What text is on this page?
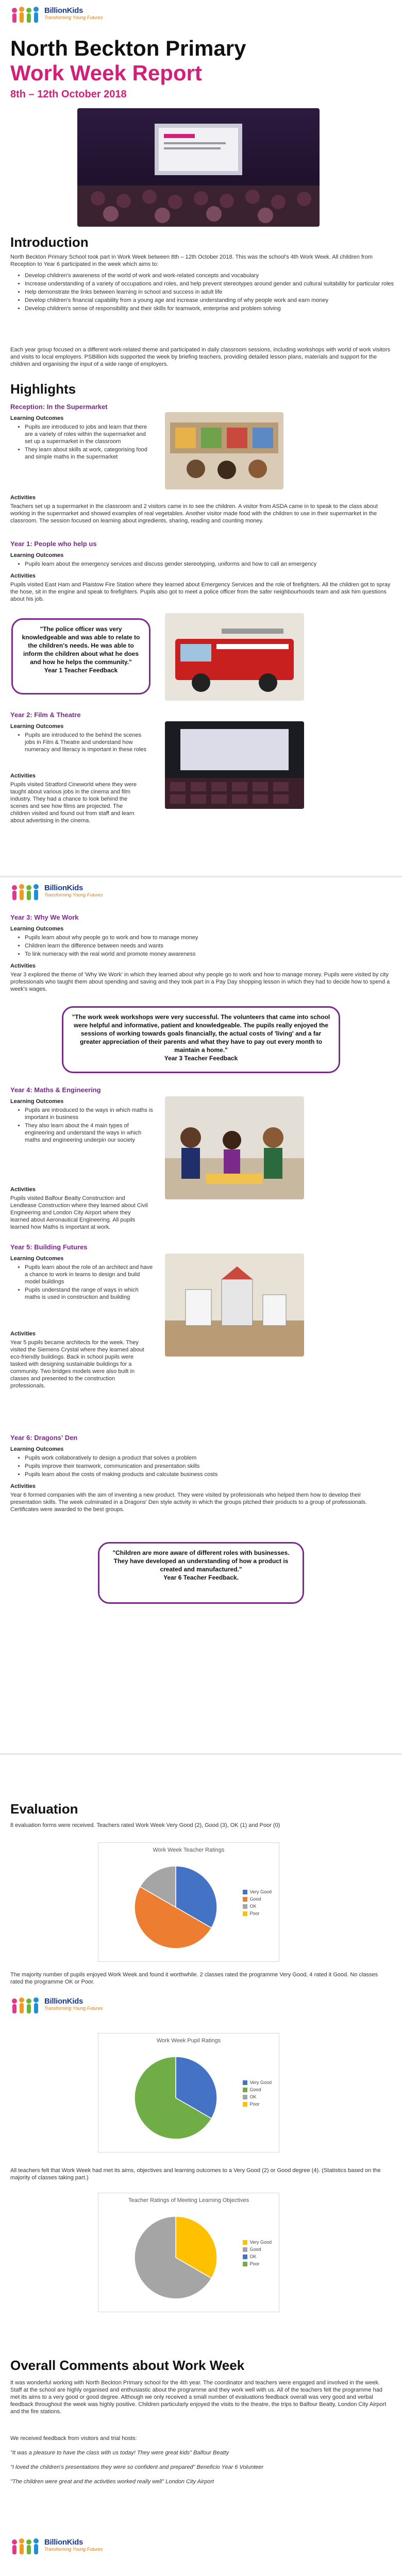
BillionKids
Transforming Young Futures
North Beckton Primary
Work Week Report
8th – 12th October 2018
Introduction
North Beckton Primary School took part in Work Week between 8th – 12th October 2018. This was the school's 4th Work Week. All children from Reception to Year 6 participated in the week which aims to:
• Develop children's awareness of the world of work and work-related concepts and vocabulary
• Increase understanding of a variety of occupations and roles, and help prevent stereotypes around gender and cultural suitability for particular roles
• Help demonstrate the links between learning in school and success in adult life
• Develop children's financial capability from a young age and increase understanding of why people work and earn money
• Develop children's sense of responsibility and their skills for teamwork, enterprise and problem solving
Each year group focused on a different work-related theme and participated in daily classroom sessions, including workshops with world of work visitors and visits to local employers. PSBillion kids supported the week by briefing teachers, providing detailed lesson plans, materials and support for the children and organising the input of a wide range of employers.
Highlights
Reception: In the Supermarket
Learning Outcomes
• Pupils are introduced to jobs and learn that there are a variety of roles within the supermarket and set up a supermarket in the classroom
• They learn about skills at work, categorising food and simple maths in the supermarket
Activities
Teachers set up a supermarket in the classroom and 2 visitors came in to see the children. A visitor from ASDA came in to speak to the class about working in the supermarket and showed examples of real vegetables. Another visitor made food with the children to use in their supermarket in the classroom. The session focused on learning about ingredients, sharing, reading and counting money.
Year 1: People who help us
Learning Outcomes
• Pupils learn about the emergency services and discuss gender stereotyping, uniforms and how to call an emergency
Activities
Pupils visited East Ham and Plaistow Fire Station where they learned about Emergency Services and the role of firefighters. All the children got to spray the hose, sit in the engine and speak to firefighters. Pupils also got to meet a police officer from the safer neighbourhoods team and ask him questions about his job.
"The police officer was very knowledgeable and was able to relate to the children's needs. He was able to inform the children about what he does and how he helps the community."
Year 1 Teacher Feedback
Year 2: Film & Theatre
Learning Outcomes
• Pupils are introduced to the behind the scenes jobs in Film & Theatre and understand how numeracy and literacy is important in these roles
Activities
Pupils visited Stratford Cineworld where they were taught about various jobs in the cinema and film industry. They had a chance to look behind the scenes and see how films are projected. The children visited and found out from staff and learn about advertising in the cinema.
BillionKids
Transforming Young Futures
Year 3: Why We Work
Learning Outcomes
• Pupils learn about why people go to work and how to manage money
• Children learn the difference between needs and wants
• To link numeracy with the real world and promote money awareness
Activities
Year 3 explored the theme of 'Why We Work' in which they learned about why people go to work and how to manage money. Pupils were visited by city professionals who taught them about spending and saving and they took part in a Pay Day shopping lesson in which they had to decide how to spend a week's wages.
"The work week workshops were very successful. The volunteers that came into school were helpful and informative, patient and knowledgeable. The pupils really enjoyed the sessions of working towards goals financially, the actual costs of 'living' and a far greater appreciation of their parents and what they have to pay out every month to maintain a home."
Year 3 Teacher Feedback
Year 4: Maths & Engineering
Learning Outcomes
• Pupils are introduced to the ways in which maths is important in business
• They also learn about the 4 main types of engineering and understand the ways in which maths and engineering underpin our society
Activities
Pupils visited Balfour Beatty Construction and Lendlease Construction where they learned about Civil Engineering and London City Airport where they learned about Aeronautical Engineering. All pupils learned how Maths is important at work.
Year 5: Building Futures
Learning Outcomes
• Pupils learn about the role of an architect and have a chance to work in teams to design and build model buildings
• Pupils understand the range of ways in which maths is used in construction and building
Activities
Year 5 pupils became architects for the week. They visited the Siemens Crystal where they learned about eco-friendly buildings. Back in school pupils were tasked with designing sustainable buildings for a community. Two bridges models were also built in classes and presented to the construction professionals.
Year 6: Dragons' Den
Learning Outcomes
• Pupils work collaboratively to design a product that solves a problem
• Pupils improve their teamwork, communication and presentation skills
• Pupils learn about the costs of making products and calculate business costs
Activities
Year 6 formed companies with the aim of inventing a new product. They were visited by professionals who helped them how to develop their presentation skills. The week culminated in a Dragons' Den style activity in which the groups pitched their products to a group of professionals. Certificates were awarded to the best groups.
"Children are more aware of different roles with businesses. They have developed an understanding of how a product is created and manufactured."
Year 6 Teacher Feedback.
Evaluation
8 evaluation forms were received. Teachers rated Work Week Very Good (2), Good (3), OK (1) and Poor (0)
Work Week Teacher Ratings
Very Good
Good
OK
Poor
The majority number of pupils enjoyed Work Week and found it worthwhile. 2 classes rated the programme Very Good, 4 rated it Good. No classes rated the programme OK or Poor.
BillionKids
Transforming Young Futures
Work Week Pupil Ratings
Very Good
Good
OK
Poor
All teachers felt that Work Week had met its aims, objectives and learning outcomes to a Very Good (2) or Good degree (4). (Statistics based on the majority of classes taking part.)
Teacher Ratings of Meeting Learning Objectives
Very Good
Good
OK
Poor
Overall Comments about Work Week
It was wonderful working with North Beckton Primary school for the 4th year. The coordinator and teachers were engaged and involved in the week. Staff at the school are highly organised and enthusiastic about the programme and they work well with us. All of the teachers felt the programme had met its aims to a very good or good degree. Although we only received a small number of evaluations feedback overall was very good and verbal feedback throughout the week was highly positive. Children particularly enjoyed the visits to the theatre, the trips to Balfour Beatty, London City Airport and the fire stations.
We received feedback from visitors and trial hosts:
"It was a pleasure to have the class with us today! They were great kids" Balfour Beatty
"I loved the children's presentations they were so confident and prepared" Beneficio Year 6 Volunteer
"The children were great and the activities worked really well" London City Airport
BillionKids
Transforming Young Futures
